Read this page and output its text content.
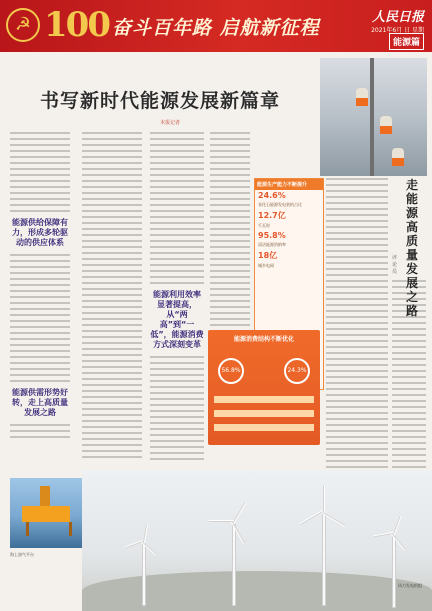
☭ 100 奋斗百年路 启航新征程	人民日报
2021年6月 日 星期
能源篇
书写新时代能源发展新篇章
本报记者
能源供给保障有力，形成多轮驱动的供应体系
能源供需形势好转，走上高质量发展之路
能源利用效率显著提高，从“两高”到“一低”，能源消费方式深刻变革
能源生产能力不断提升
24.6%
非化石能源发电装机占比
12.7亿
千瓦时
95.8%
清洁能源消纳率
18亿
城乡电网
走能源高质量发展之路
评论员
能源消费结构不断优化
56.8%	24.3%
海上油气平台
风力发电机组
